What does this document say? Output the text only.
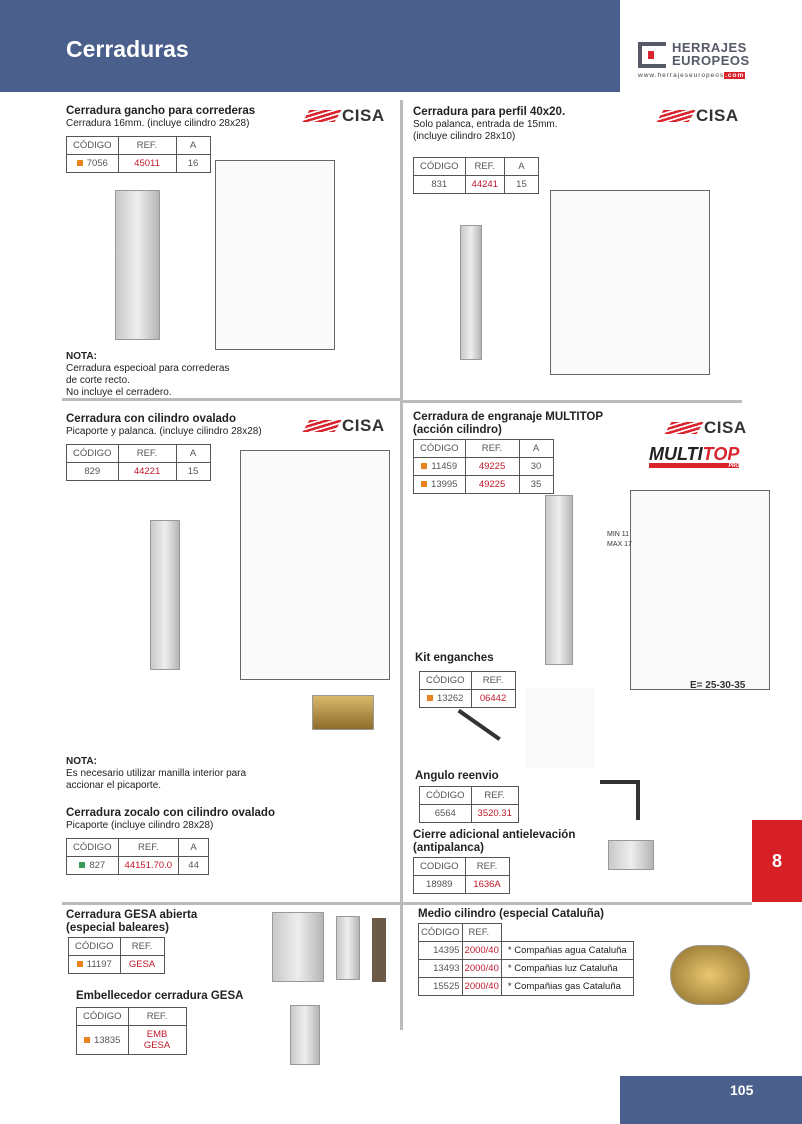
Cerraduras	HERRAJES
EUROPEOS
www.herrajeseuropeos.com
Cerradura gancho para correderas
Cerradura 16mm. (incluye cilindro 28x28)
CÓDIGO	REF.	A
7056	45011	16
CISA
NOTA:
Cerradura especioal para correderas
de corte recto.
No incluye el cerradero.
Cerradura para perfil 40x20.
Solo palanca, entrada de 15mm.
(incluye cilindro 28x10)
CÓDIGO	REF.	A
831	44241	15
CISA
Cerradura con cilindro ovalado
Picaporte y palanca. (incluye cilindro 28x28)
CÓDIGO	REF.	A
829	44221	15
CISA
NOTA:
Es necesario utilizar manilla interior para
accionar el picaporte.
Cerradura de engranaje MULTITOP
(acción cilindro)
CÓDIGO	REF.	A
11459	49225	30
13995	49225	35
CISA
MULTITOP
PRO
MIN 11
MAX 17
E= 25-30-35
Kit enganches
CÓDIGO	REF.
13262	06442
Angulo reenvio
CÓDIGO	REF.
6564	3520.31
Cierre adicional antielevación
(antipalanca)
CODIGO	REF.
18989	1636A
Cerradura zocalo con cilindro ovalado
Picaporte (incluye cilindro 28x28)
CÓDIGO	REF.	A
827	44151.70.0	44	8
Cerradura GESA abierta
(especial baleares)
CÓDIGO	REF.
11197	GESA
Embellecedor cerradura GESA
CÓDIGO	REF.
13835	EMB GESA
Medio cilindro (especial Cataluña)
CÓDIGO	REF.	
14395	2000/40	* Compañias agua Cataluña
13493	2000/40	* Compañias luz Cataluña
15525	2000/40	* Compañias gas Cataluña
105
